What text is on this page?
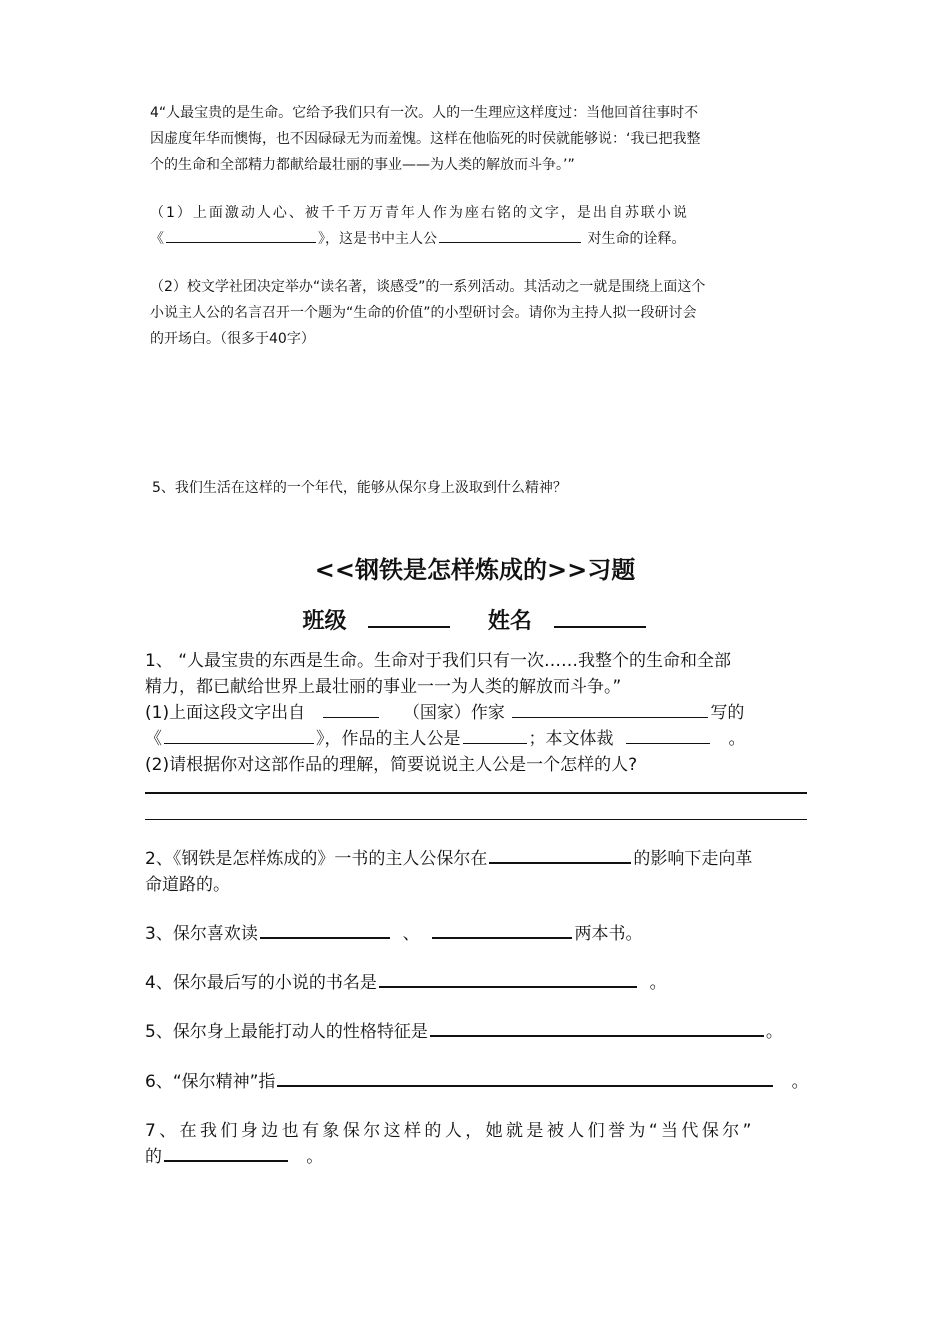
4“人最宝贵的是生命。它给予我们只有一次。人的一生理应这样度过：当他回首往事时不
因虚度年华而懊悔，也不因碌碌无为而羞愧。这样在他临死的时侯就能够说：‘我已把我整
个的生命和全部精力都献给最壮丽的事业——为人类的解放而斗争。’”
（1）上面激动人心、被千千万万青年人作为座右铭的文字，是出自苏联小说
《	》，这是书中主人公	对生命的诠释。
（2）校文学社团决定举办“读名著，谈感受”的一系列活动。其活动之一就是围绕上面这个
小说主人公的名言召开一个题为“生命的价值”的小型研讨会。请你为主持人拟一段研讨会
的开场白。（很多于40字）
5、我们生活在这样的一个年代，能够从保尔身上汲取到什么精神？
<<钢铁是怎样炼成的>>习题
班级	姓名
1、 “人最宝贵的东西是生命。生命对于我们只有一次……我整个的生命和全部
精力，都已献给世界上最壮丽的事业一一为人类的解放而斗争。”
(1)上面这段文字出自	（国家）作家	写的
《	》，作品的主人公是	；本文体裁	。
(2)请根据你对这部作品的理解，简要说说主人公是一个怎样的人?
2、《钢铁是怎样炼成的》一书的主人公保尔在	的影响下走向革
命道路的。
3、保尔喜欢读	、	两本书。
4、保尔最后写的小说的书名是	。
5、保尔身上最能打动人的性格特征是	。
6、“保尔精神”指	。
7、在我们身边也有象保尔这样的人，她就是被人们誉为“当代保尔”
的	。
